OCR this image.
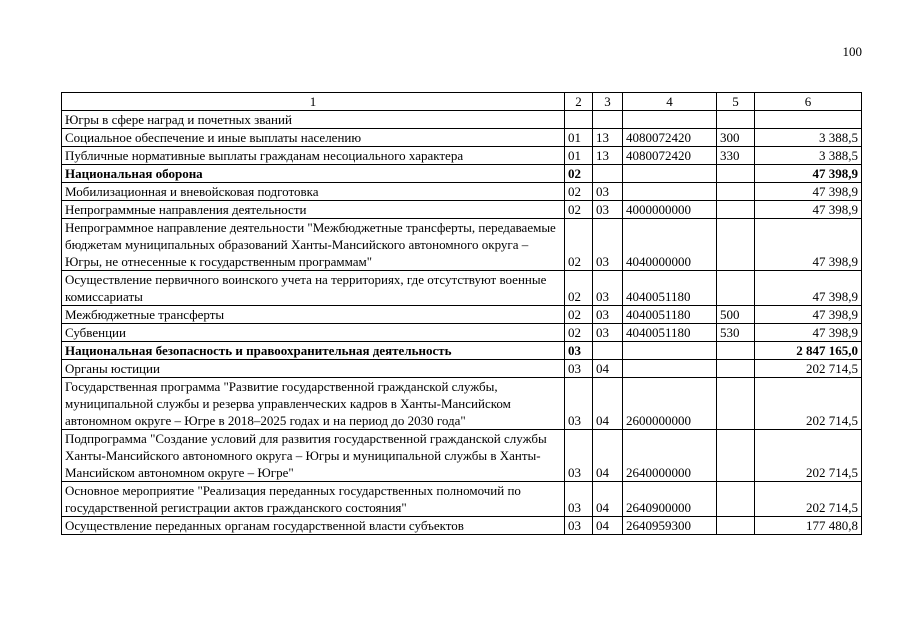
100
1	2	3	4	5	6
Югры в сфере наград и почетных званий					
Социальное обеспечение и иные выплаты населению	01	13	4080072420	300	3 388,5
Публичные нормативные выплаты гражданам несоциального характера	01	13	4080072420	330	3 388,5
Национальная оборона	02				47 398,9
Мобилизационная и вневойсковая подготовка	02	03			47 398,9
Непрограммные направления деятельности	02	03	4000000000		47 398,9
Непрограммное направление деятельности "Межбюджетные трансферты, передаваемые бюджетам муниципальных образований Ханты-Мансийского автономного округа – Югры, не отнесенные к государственным программам"	02	03	4040000000		47 398,9
Осуществление первичного воинского учета на территориях, где отсутствуют военные комиссариаты	02	03	4040051180		47 398,9
Межбюджетные трансферты	02	03	4040051180	500	47 398,9
Субвенции	02	03	4040051180	530	47 398,9
Национальная безопасность и правоохранительная деятельность	03				2 847 165,0
Органы юстиции	03	04			202 714,5
Государственная программа "Развитие государственной гражданской службы, муниципальной службы и резерва управленческих кадров в Ханты-Мансийском автономном округе – Югре в 2018–2025 годах и на период до 2030 года"	03	04	2600000000		202 714,5
Подпрограмма "Создание условий для развития государственной гражданской службы Ханты-Мансийского автономного округа – Югры и муниципальной службы в Ханты-Мансийском автономном округе – Югре"	03	04	2640000000		202 714,5
Основное мероприятие "Реализация переданных государственных полномочий по государственной регистрации актов гражданского состояния"	03	04	2640900000		202 714,5
Осуществление переданных органам государственной власти субъектов	03	04	2640959300		177 480,8
